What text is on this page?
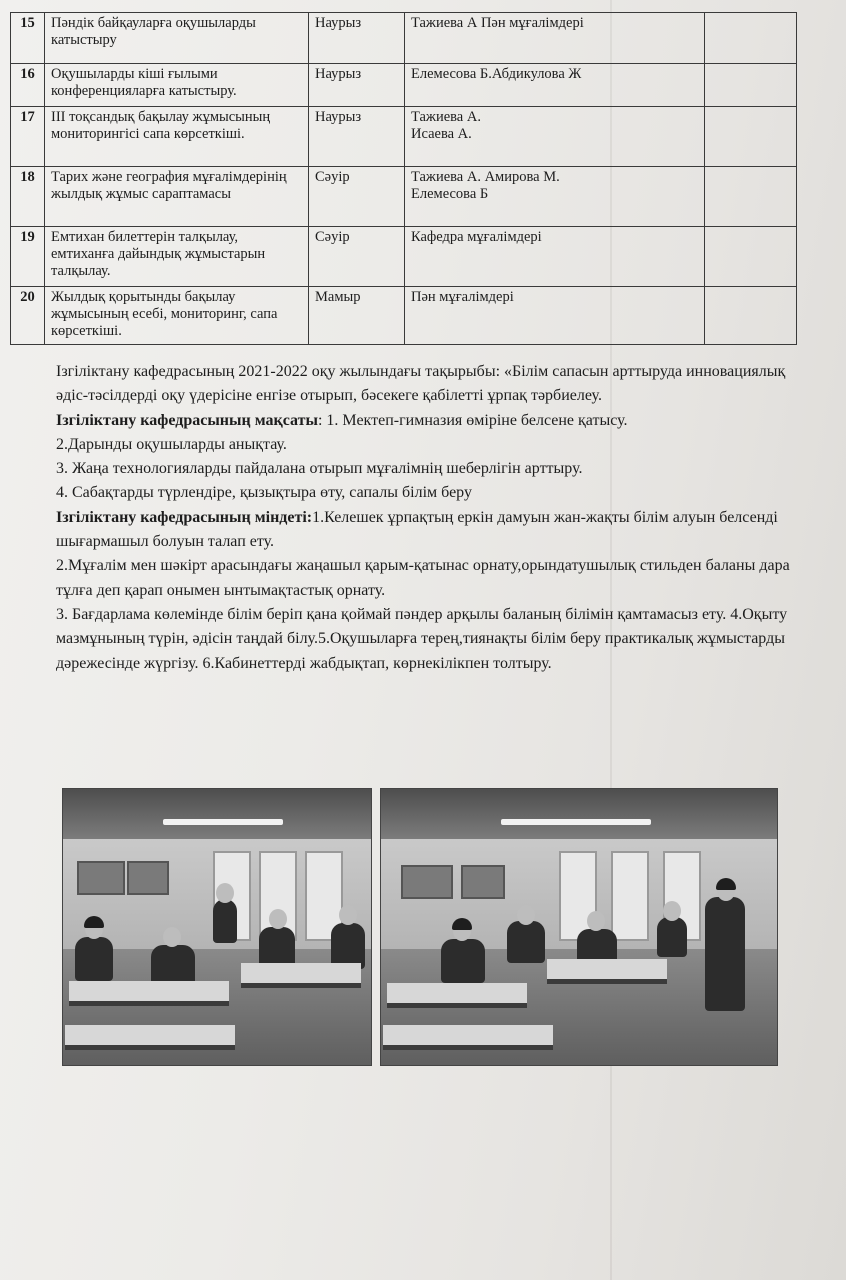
15	Пәндік байқауларға оқушыларды катыстыру	Наурыз	Тажиева А Пән мұғалімдері	
16	Оқушыларды кіші ғылыми конференцияларға катыстыру.	Наурыз	Елемесова Б.Абдикулова Ж	
17	ІІІ тоқсандық бақылау жұмысының мониторингісі сапа көрсеткіші.	Наурыз	Тажиева А.
Исаева А.	
18	Тарих және география мұғалімдерінің жылдық жұмыс сараптамасы	Сәуір	Тажиева А. Амирова М.
Елемесова Б	
19	Емтихан билеттерін талқылау, емтиханға дайындық жұмыстарын талқылау.	Сәуір	Кафедра мұғалімдері	
20	Жылдық қорытынды бақылау жұмысының есебі, мониторинг, сапа көрсеткіші.	Мамыр	Пән мұғалімдері	

Ізгіліктану кафедрасының 2021-2022 оқу жылындағы тақырыбы: «Білім сапасын арттыруда инновациялық әдіс-тәсілдерді оқу үдерісіне енгізе отырып, бәсекеге қабілетті ұрпақ тәрбиелеу.

Ізгіліктану кафедрасының мақсаты: 1. Мектеп-гимназия өміріне белсене қатысу.

2.Дарынды оқушыларды анықтау.

3. Жаңа технологияларды пайдалана отырып мұғалімнің шеберлігін арттыру.

4. Сабақтарды түрлендіре, қызықтыра өту, сапалы білім беру

Ізгіліктану кафедрасының міндеті:1.Келешек ұрпақтың еркін дамуын жан-жақты білім алуын белсенді шығармашыл болуын талап ету.

2.Мұғалім мен шәкірт арасындағы жаңашыл қарым-қатынас орнату,орындатушылық стильден баланы дара тұлға деп қарап онымен ынтымақтастық орнату.

3. Бағдарлама көлемінде білім беріп қана қоймай пәндер арқылы баланың білімін қамтамасыз ету. 4.Оқыту мазмұнының түрін, әдісін таңдай білу.5.Оқушыларға терең,тиянақты білім беру практикалық жұмыстарды дәрежесінде жүргізу. 6.Кабинеттерді жабдықтап, көрнекілікпен толтыру.
